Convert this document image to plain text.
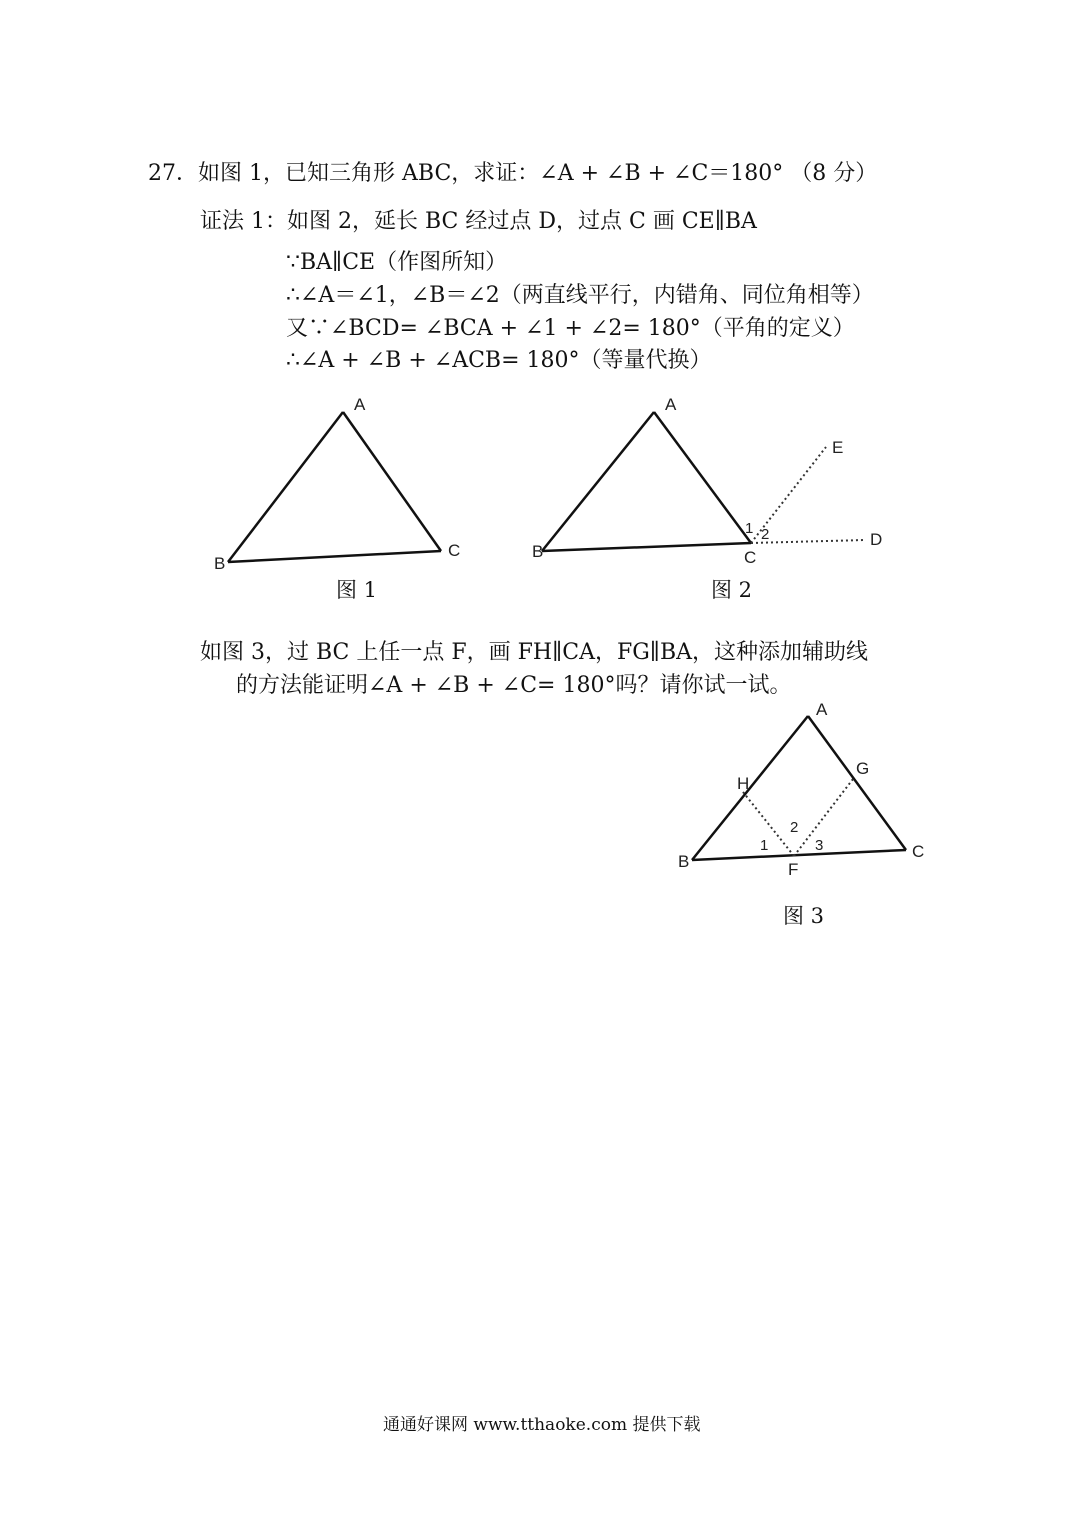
27．如图 1，已知三角形 ABC，求证：∠A + ∠B + ∠C＝180° （8 分）
证法 1：如图 2，延长 BC 经过点 D，过点 C 画 CE∥BA
∵BA∥CE（作图所知）
∴∠A＝∠1，∠B＝∠2（两直线平行，内错角、同位角相等）
又∵∠BCD= ∠BCA + ∠1 + ∠2= 180°（平角的定义）
∴∠A + ∠B + ∠ACB= 180°（等量代换）
A
B
C
图 1
A
B	C
D
E
1 2
图 2
如图 3，过 BC 上任一点 F，画 FH∥CA，FG∥BA，这种添加辅助线
的方法能证明∠A + ∠B + ∠C= 180°吗？请你试一试。
A
B
C
F
G
H
1
2
3
图 3
通通好课网 www.tthaoke.com 提供下载
